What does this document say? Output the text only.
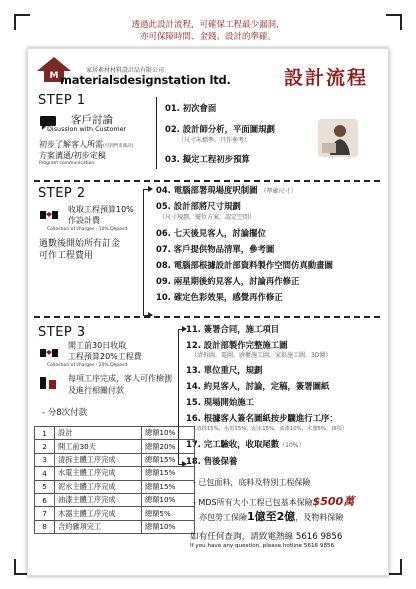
透過此設計流程，可確保工程最少漏洞，
亦可保障時間、金錢、設計的準確。
M
家居素材材料設計品有限公司
materialsdesignstation ltd.	設計流程
STEP 1
客戶討論
Disussion with Customer
初步了解客人所需(可到門市商討)
方案溝通/初步定稿
Program communication
01. 初次會面
02. 設計師分析，平面圖規劃
（尺寸未標準，只作參考）
03. 擬定工程初步預算
STEP 2
收取工程預算10%
作設計費
Collection of charges - 10% Deposit
過數後開始所有訂金
可作工程費用
04. 電腦部署現場度呎制圖 （準確尺寸）
05. 設計部將尺寸規劃
（尺寸規劃，擺位方案，認定空間）
06. 七天後見客人，討論擺位
07. 客戶提供物品清單，參考圖
08. 電腦部根據設計部資料製作空間仿真動畫圖
09. 兩星期後約見客人，討論再作修正
10. 確定色彩效果，感覺再作修正
STEP 3
開工前30日收取
工程預算20%工程費
Collection of charges - 20% Deposit
每項工序完成，客人可作檢測
及進行相關付款
- 分8次付款
11. 簽署合同，施工項目
12. 設計部製作完整施工圖
（清拆圖，電圖，廚櫃施工圖，家俱施工圖，3D圖）
13. 單位重尺，規劃
14. 約見客人，討論，定稿，簽署圖紙
15. 現場開始施工
16. 根據客人簽名圖紙按步驟進行工序：
（清拆15%，水電15%，泥水15%，油漆10%，木器5%，雜項）
17. 完工驗收，收取尾數（10%）
18. 售後保養
1	設計	總額10%
2	開工前30天	總額20%
3	清拆主體工序完成	總額15%
4	水電主體工序完成	總額15%
5	泥水主體工序完成	總額15%
6	油漆主體工序完成	總額10%
7	木器主體工序完成	總額5%
8	合約雜項完工	總額10%
- 已包面料，底料及特別工程保險
- MDS所有大小工程已包基本保險$500萬
亦包勞工保險1億至2億，及物料保險
如有任何查詢，請致電熱線 5616 9856
If you have any question, please hotline 5616 9856
